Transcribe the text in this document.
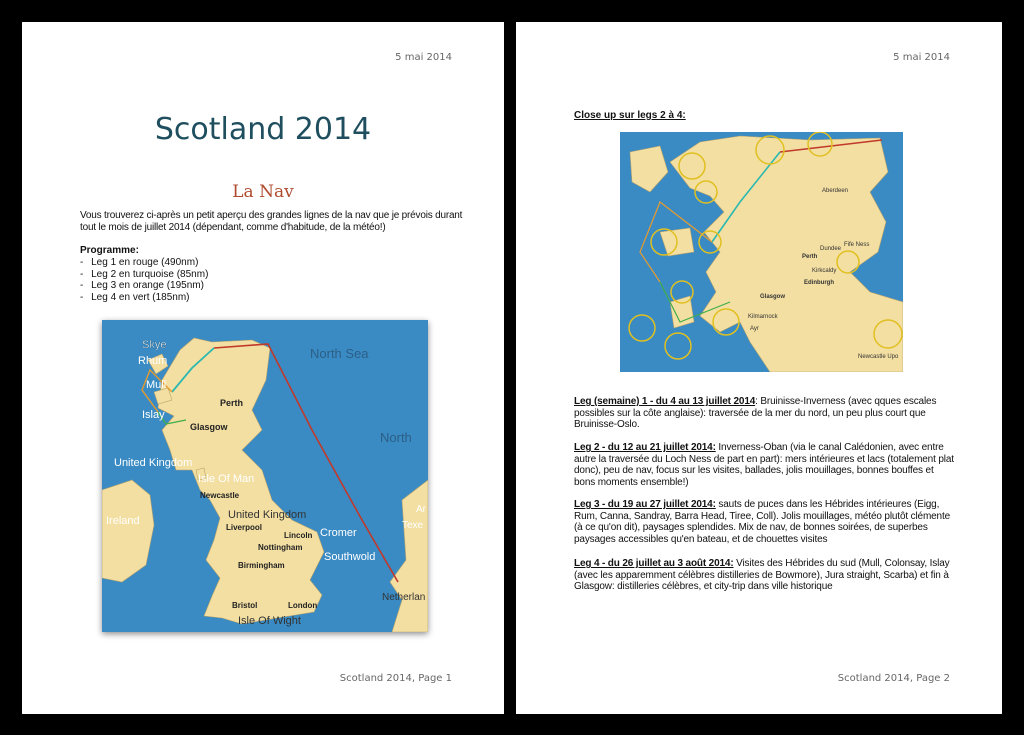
5 mai 2014
Scotland 2014
La Nav
Vous trouverez ci-après un petit aperçu des grandes lignes de la nav que je prévois durant tout le mois de juillet 2014 (dépendant, comme d'habitude, de la météo!)
Programme:
- Leg 1 en rouge (490nm)
- Leg 2 en turquoise (85nm)
- Leg 3 en orange (195nm)
- Leg 4 en vert (185nm)
Skye
Rhum
Mull
Islay
Perth
Glasgow
North Sea
North
United Kingdom
Isle Of Man
Newcastle
Ireland	United Kingdom
Liverpool
Lincoln Cromer
Nottingham
Southwold
Birmingham
Bristol	London
Isle Of Wight
Netherlan
Texe
Ar
Scotland 2014, Page 1
5 mai 2014
Close up sur legs 2 à 4:
Aberdeen
Perth
Dundee
Fife Ness
Kirkcaldy
Edinburgh
Glasgow
Kilmarnock
Ayr
Newcastle Upo
Leg (semaine) 1 - du 4 au 13 juillet 2014: Bruinisse-Inverness (avec qques escales possibles sur la côte anglaise): traversée de la mer du nord, un peu plus court que Bruinisse-Oslo.
Leg 2 - du 12 au 21 juillet 2014: Inverness-Oban (via le canal Calédonien, avec entre autre la traversée du Loch Ness de part en part): mers intérieures et lacs (totalement plat donc), peu de nav, focus sur les visites, ballades, jolis mouillages, bonnes bouffes et bons moments ensemble!)
Leg 3 - du 19 au 27 juillet 2014: sauts de puces dans les Hébrides intérieures (Eigg, Rum, Canna, Sandray, Barra Head, Tiree, Coll). Jolis mouillages, météo plutôt clémente (à ce qu'on dit), paysages splendides. Mix de nav, de bonnes soirées, de superbes paysages accessibles qu'en bateau, et de chouettes visites
Leg 4 - du 26 juillet au 3 août 2014: Visites des Hébrides du sud (Mull, Colonsay, Islay (avec les apparemment célèbres distilleries de Bowmore), Jura straight, Scarba) et fin à Glasgow: distilleries célèbres, et city-trip dans ville historique
Scotland 2014, Page 2
